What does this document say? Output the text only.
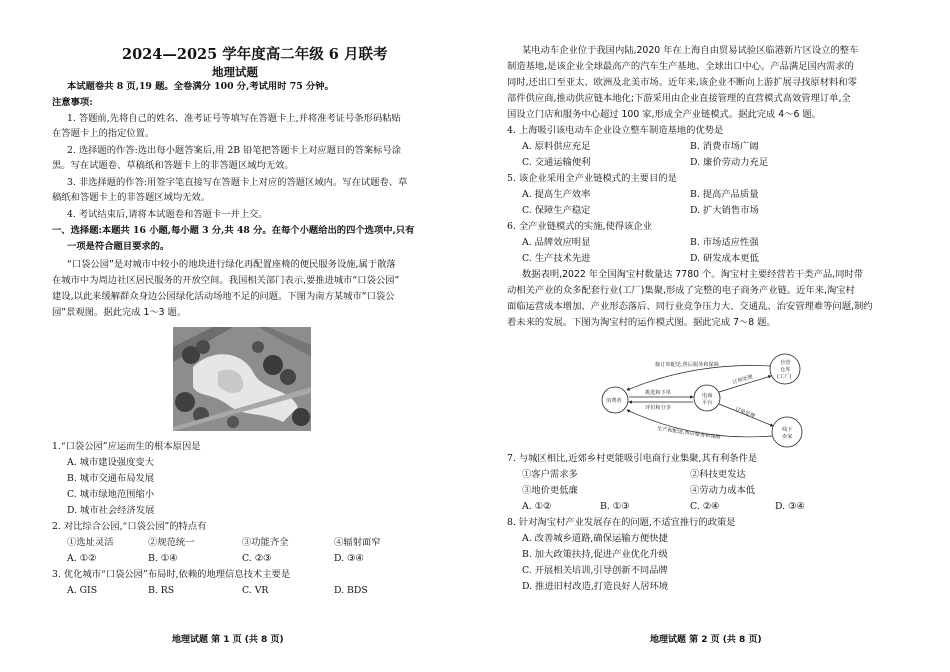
2024—2025 学年度高二年级 6 月联考
地理试题
本试题卷共 8 页,19 题。全卷满分 100 分,考试用时 75 分钟。
注意事项:
1. 答题前,先将自己的姓名、准考证号等填写在答题卡上,并将准考证号条形码粘贴
在答题卡上的指定位置。
2. 选择题的作答:选出每小题答案后,用 2B 铅笔把答题卡上对应题目的答案标号涂
黑。写在试题卷、草稿纸和答题卡上的非答题区域均无效。
3. 非选择题的作答:用签字笔直接写在答题卡上对应的答题区域内。写在试题卷、草
稿纸和答题卡上的非答题区域均无效。
4. 考试结束后,请将本试题卷和答题卡一并上交。
一、选择题:本题共 16 小题,每小题 3 分,共 48 分。在每个小题给出的四个选项中,只有
一项是符合题目要求的。
“口袋公园”是对城市中较小的地块进行绿化再配置座椅的便民服务设施,属于散落
在城市中为周边社区居民服务的开放空间。我国相关部门表示,要推进城市“口袋公园”
建设,以此来缓解群众身边公园绿化活动场地不足的问题。下图为南方某城市“口袋公
园”景观图。据此完成 1～3 题。
1.“口袋公园”应运而生的根本原因是
A. 城市建设强度变大
B. 城市交通布局发展
C. 城市绿地范围缩小
D. 城市社会经济发展
2. 对比综合公园,“口袋公园”的特点有
①选址灵活	②规范统一	③功能齐全	④辐射面窄
A. ①②	B. ①④	C. ②③	D. ③④
3. 优化城市“口袋公园”布局时,依赖的地理信息技术主要是
A. GIS	B. RS	C. VR	D. BDS
地理试题 第 1 页 (共 8 页)
某电动车企业位于我国内陆,2020 年在上海自由贸易试验区临港新片区设立的整车
制造基地,是该企业全球最高产的汽车生产基地、全球出口中心。产品满足国内需求的
同时,还出口至亚太、欧洲及北美市场。近年来,该企业不断向上游扩展寻找原材料和零
部件供应商,推动供应链本地化;下游采用由企业直接管理的直营模式高效管理订单,全
国设立门店和服务中心超过 100 家,形成全产业链模式。据此完成 4～6 题。
4. 上海吸引该电动车企业设立整车制造基地的优势是
A. 原料供应充足	B. 消费市场广阔
C. 交通运输便利	D. 廉价劳动力充足
5. 该企业采用全产业链模式的主要目的是
A. 提高生产效率	B. 提高产品质量
C. 保障生产稳定	D. 扩大销售市场
6. 全产业链模式的实施,使得该企业
A. 品牌效应明显	B. 市场适应性强
C. 生产技术先进	D. 研发成本更低
数据表明,2022 年全国淘宝村数量达 7780 个。淘宝村主要经营若干类产品,同时带
动相关产业的众多配套行业(工厂)集聚,形成了完整的电子商务产业链。近年来,淘宝村
面临运营成本增加、产业形态落后、同行业竞争压力大、交通乱、治安管理难等问题,制约
着未来的发展。下图为淘宝村的运作模式图。据此完成 7～8 题。
7. 与城区相比,近郊乡村更能吸引电商行业集聚,其有利条件是
①客户需求多	②科技更发达
③地价更低廉	④劳动力成本低
A. ①②	B. ①③	C. ②④	D. ③④
8. 针对淘宝村产业发展存在的问题,不适宜推行的政策是
A. 改善城乡道路,确保运输方便快捷
B. 加大政策扶持,促进产业优化升级
C. 开展相关培训,引导创新不同品牌
D. 推进旧村改造,打造良好人居环境
地理试题 第 2 页 (共 8 页)
消费者
电商
平台
自营
仓库
(工厂)
线下
卖家
接订单配送,售后服务和保障
挑选和下单
评价和分享
订单处理
订单处理
生产和配送,售后服务和保障
